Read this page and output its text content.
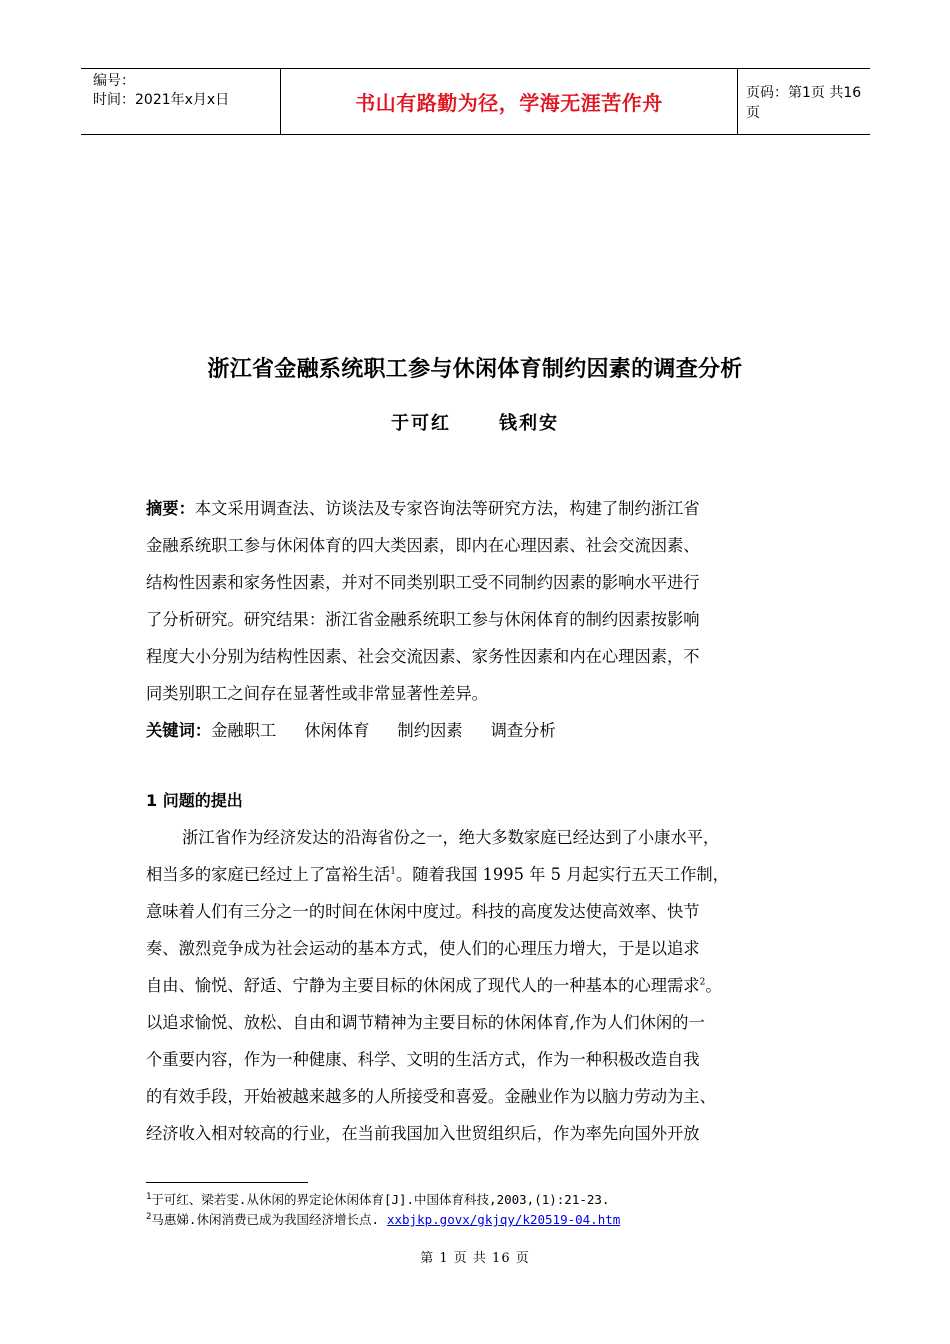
编号：
时间：2021年x月x日	书山有路勤为径，学海无涯苦作舟	页码：第1页 共16页
浙江省金融系统职工参与休闲体育制约因素的调查分析
于可红	钱利安

摘要：本文采用调查法、访谈法及专家咨询法等研究方法，构建了制约浙江省

金融系统职工参与休闲体育的四大类因素，即内在心理因素、社会交流因素、

结构性因素和家务性因素，并对不同类别职工受不同制约因素的影响水平进行

了分析研究。研究结果：浙江省金融系统职工参与休闲体育的制约因素按影响

程度大小分别为结构性因素、社会交流因素、家务性因素和内在心理因素，不

同类别职工之间存在显著性或非常显著性差异。

关键词：金融职工 休闲体育 制约因素 调查分析
1 问题的提出
浙江省作为经济发达的沿海省份之一，绝大多数家庭已经达到了小康水平，
相当多的家庭已经过上了富裕生活$^1$。随着我国 1995 年 5 月起实行五天工作制，
意味着人们有三分之一的时间在休闲中度过。科技的高度发达使高效率、快节
奏、激烈竞争成为社会运动的基本方式，使人们的心理压力增大，于是以追求
自由、愉悦、舒适、宁静为主要目标的休闲成了现代人的一种基本的心理需求$^2$。
以追求愉悦、放松、自由和调节精神为主要目标的休闲体育,作为人们休闲的一
个重要内容，作为一种健康、科学、文明的生活方式，作为一种积极改造自我
的有效手段，开始被越来越多的人所接受和喜爱。金融业作为以脑力劳动为主、
经济收入相对较高的行业，在当前我国加入世贸组织后，作为率先向国外开放
$^1$于可红、梁若雯.从休闲的界定论休闲体育[J].中国体育科技,2003,(1):21-23.
$^2$马惠娣.休闲消费已成为我国经济增长点. xxbjkp.govx/gkjqy/k20519-04.htm
第 1 页 共 16 页
